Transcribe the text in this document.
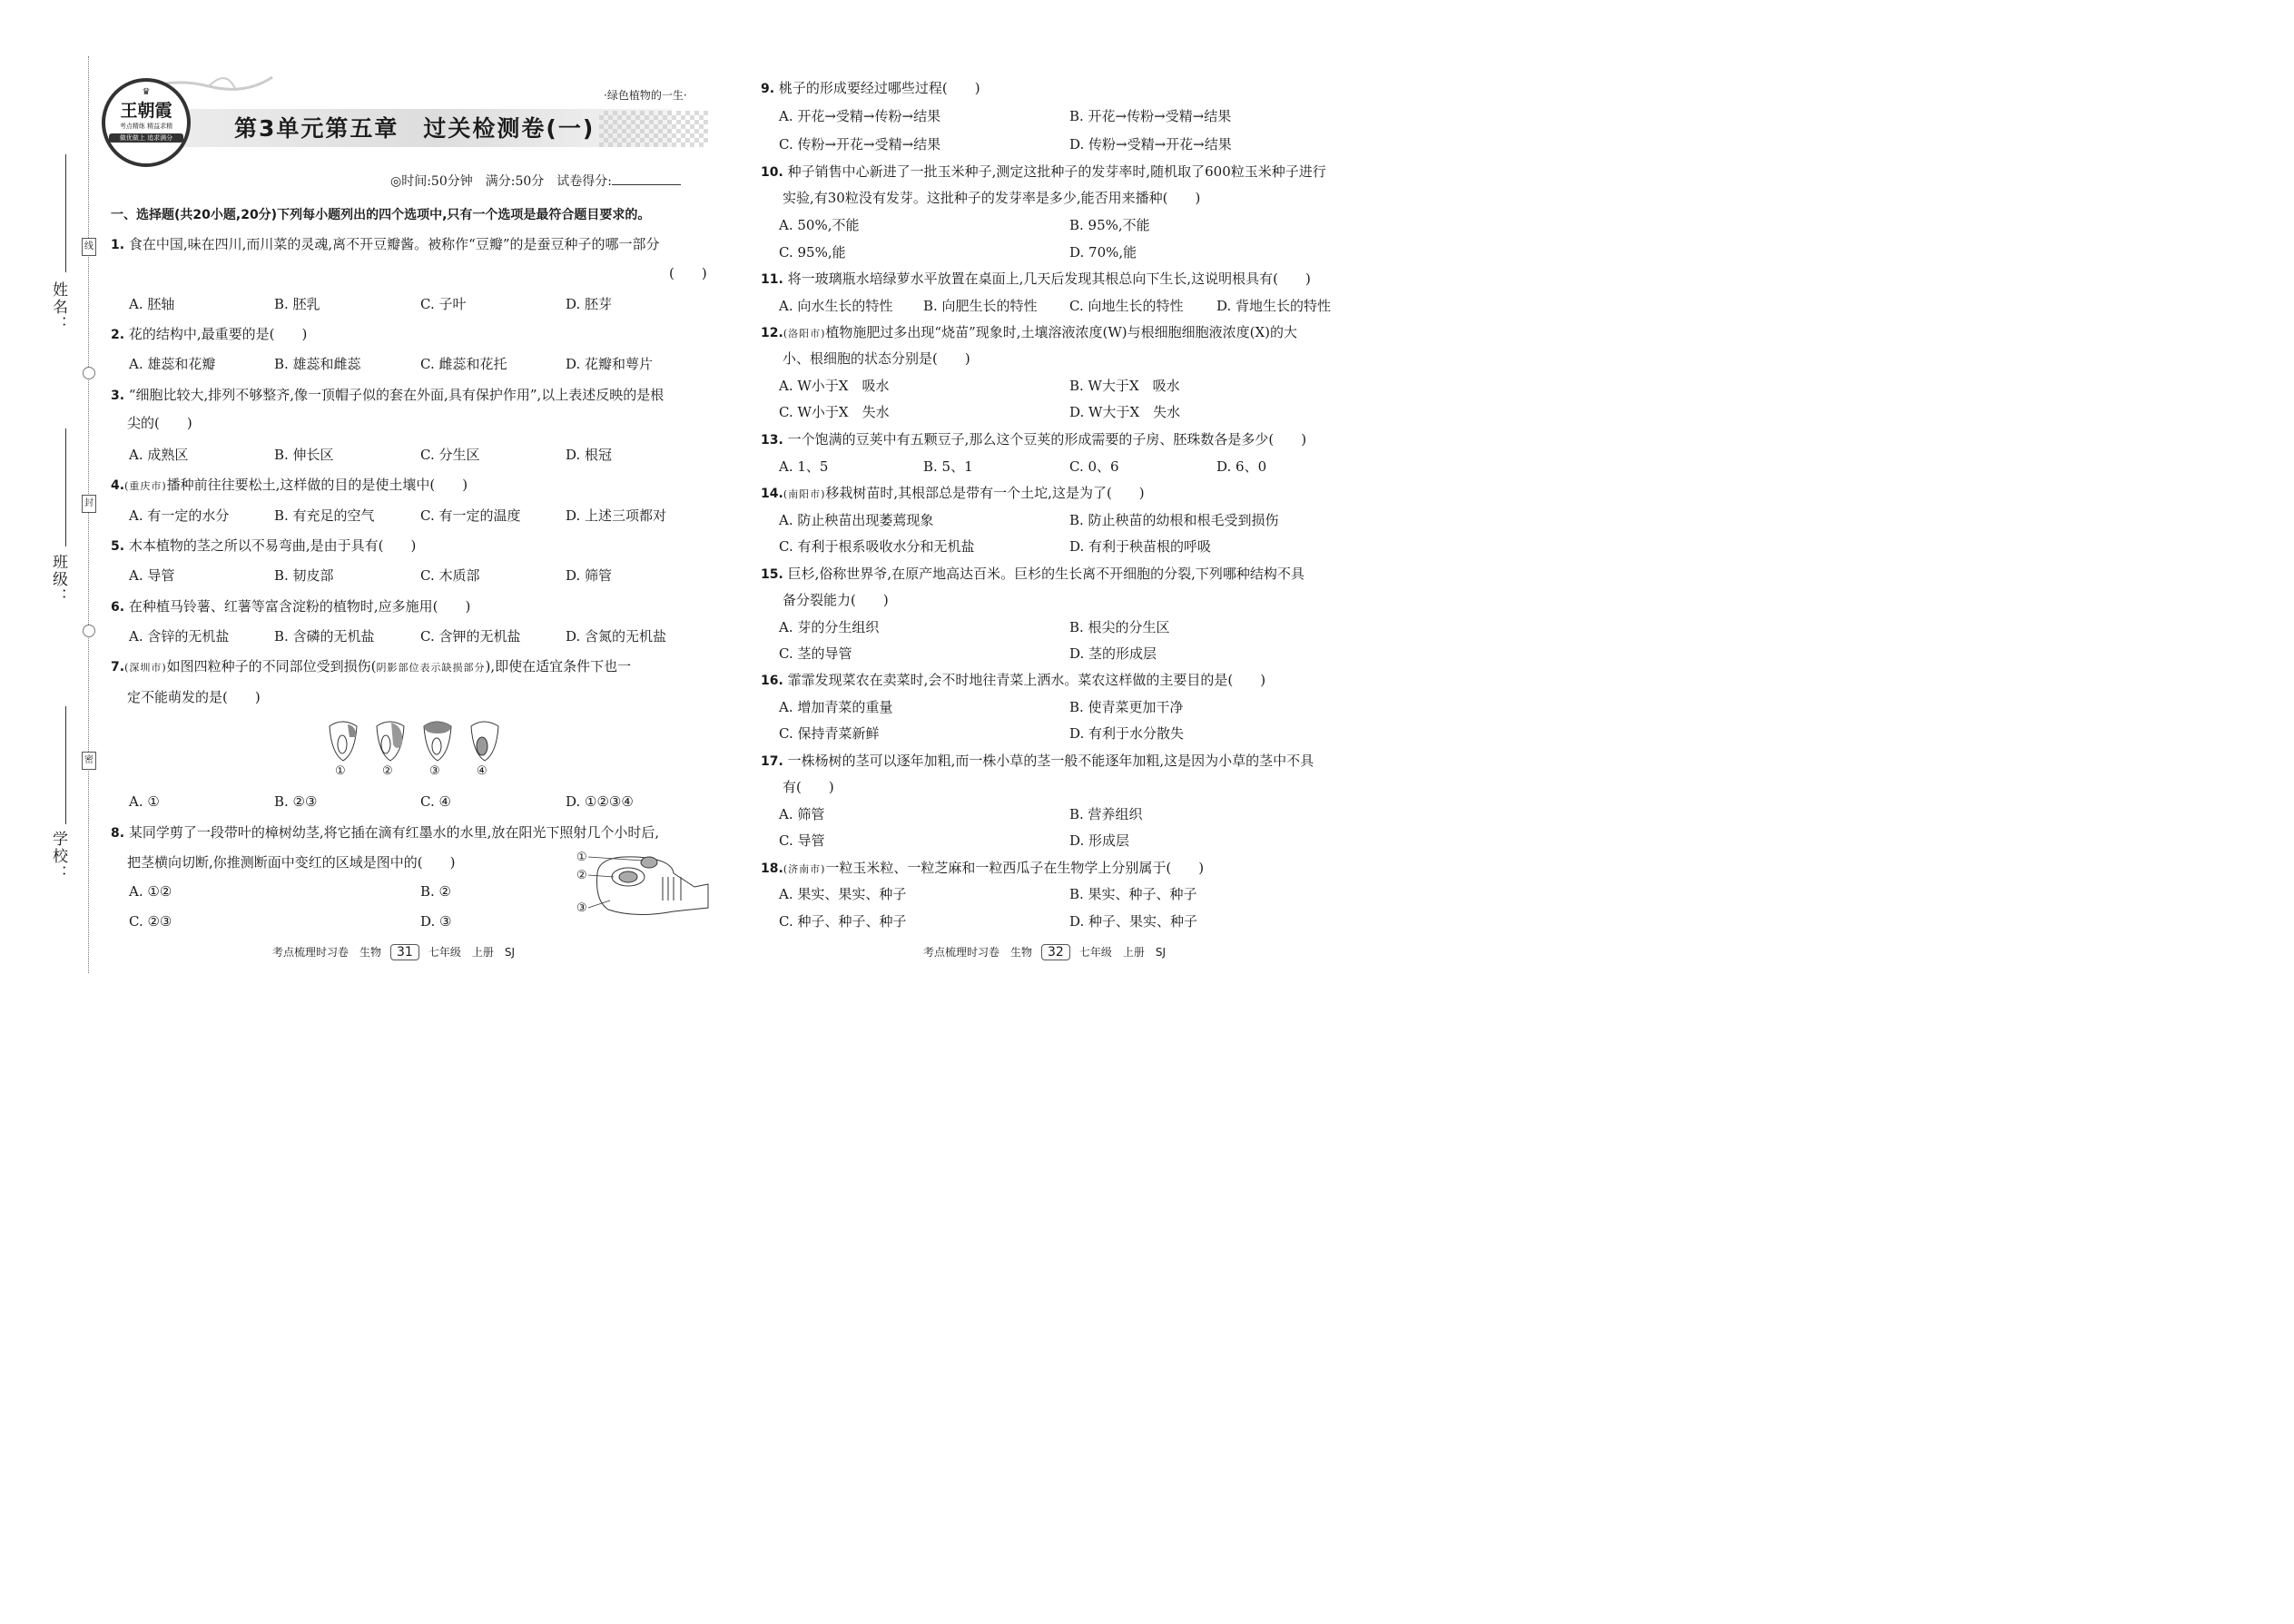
姓名：
班级：
学校：
线
封
密
♛
王朝霞
考点精练 精益求精
做优做上 追求满分
·绿色植物的一生·
第3单元第五章　过关检测卷(一)
◎时间:50分钟　满分:50分　试卷得分:
一、选择题(共20小题,20分)下列每小题列出的四个选项中,只有一个选项是最符合题目要求的。
1. 食在中国,味在四川,而川菜的灵魂,离不开豆瓣酱。被称作“豆瓣”的是蚕豆种子的哪一部分
(　　)
A. 胚轴	B. 胚乳	C. 子叶	D. 胚芽
2. 花的结构中,最重要的是(　　)
A. 雄蕊和花瓣	B. 雄蕊和雌蕊	C. 雌蕊和花托	D. 花瓣和萼片
3. “细胞比较大,排列不够整齐,像一顶帽子似的套在外面,具有保护作用”,以上表述反映的是根
尖的(　　)
A. 成熟区	B. 伸长区	C. 分生区	D. 根冠
4.(重庆市)播种前往往要松土,这样做的目的是使土壤中(　　)
A. 有一定的水分	B. 有充足的空气	C. 有一定的温度	D. 上述三项都对
5. 木本植物的茎之所以不易弯曲,是由于具有(　　)
A. 导管	B. 韧皮部	C. 木质部	D. 筛管
6. 在种植马铃薯、红薯等富含淀粉的植物时,应多施用(　　)
A. 含锌的无机盐	B. 含磷的无机盐	C. 含钾的无机盐	D. 含氮的无机盐
7.(深圳市)如图四粒种子的不同部位受到损伤(阴影部位表示缺损部分),即使在适宜条件下也一
定不能萌发的是(　　)
①	②	③	④
A. ①	B. ②③	C. ④	D. ①②③④
8. 某同学剪了一段带叶的樟树幼茎,将它插在滴有红墨水的水里,放在阳光下照射几个小时后,
把茎横向切断,你推测断面中变红的区域是图中的(　　)	①
②
③
A. ①②	B. ②
C. ②③	D. ③
考点梳理时习卷　生物 31 七年级　上册　SJ
9. 桃子的形成要经过哪些过程(　　)
A. 开花→受精→传粉→结果	B. 开花→传粉→受精→结果
C. 传粉→开花→受精→结果	D. 传粉→受精→开花→结果
10. 种子销售中心新进了一批玉米种子,测定这批种子的发芽率时,随机取了600粒玉米种子进行
实验,有30粒没有发芽。这批种子的发芽率是多少,能否用来播种(　　)
A. 50%,不能	B. 95%,不能
C. 95%,能	D. 70%,能
11. 将一玻璃瓶水培绿萝水平放置在桌面上,几天后发现其根总向下生长,这说明根具有(　　)
A. 向水生长的特性 B. 向肥生长的特性 C. 向地生长的特性 D. 背地生长的特性
12.(洛阳市)植物施肥过多出现“烧苗”现象时,土壤溶液浓度(W)与根细胞细胞液浓度(X)的大
小、根细胞的状态分别是(　　)
A. W小于X　吸水	B. W大于X　吸水
C. W小于X　失水	D. W大于X　失水
13. 一个饱满的豆荚中有五颗豆子,那么这个豆荚的形成需要的子房、胚珠数各是多少(　　)
A. 1、5	B. 5、1	C. 0、6	D. 6、0
14.(南阳市)移栽树苗时,其根部总是带有一个土坨,这是为了(　　)
A. 防止秧苗出现萎蔫现象	B. 防止秧苗的幼根和根毛受到损伤
C. 有利于根系吸收水分和无机盐	D. 有利于秧苗根的呼吸
15. 巨杉,俗称世界爷,在原产地高达百米。巨杉的生长离不开细胞的分裂,下列哪种结构不具
备分裂能力(　　)
A. 芽的分生组织	B. 根尖的分生区
C. 茎的导管	D. 茎的形成层
16. 霏霏发现菜农在卖菜时,会不时地往青菜上洒水。菜农这样做的主要目的是(　　)
A. 增加青菜的重量	B. 使青菜更加干净
C. 保持青菜新鲜	D. 有利于水分散失
17. 一株杨树的茎可以逐年加粗,而一株小草的茎一般不能逐年加粗,这是因为小草的茎中不具
有(　　)
A. 筛管	B. 营养组织
C. 导管	D. 形成层
18.(济南市)一粒玉米粒、一粒芝麻和一粒西瓜子在生物学上分别属于(　　)
A. 果实、果实、种子	B. 果实、种子、种子
C. 种子、种子、种子	D. 种子、果实、种子
考点梳理时习卷　生物 32 七年级　上册　SJ
